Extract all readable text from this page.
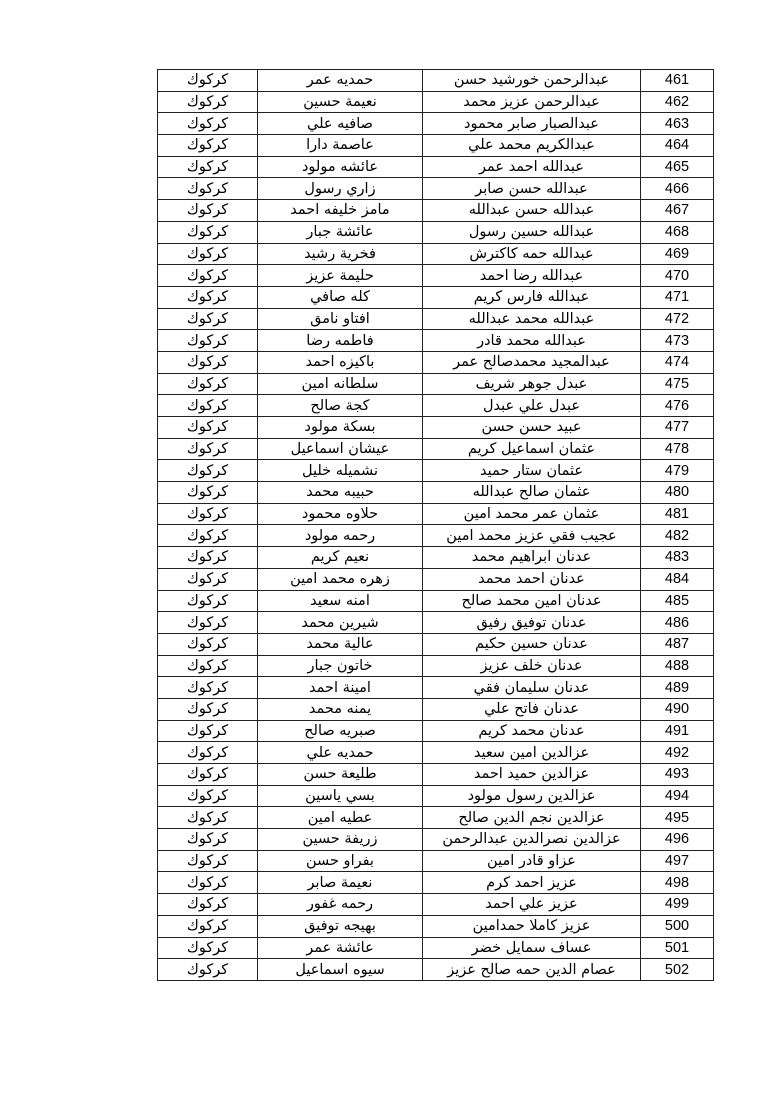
كركوك	حمديه عمر	عبدالرحمن خورشيد حسن	461
كركوك	نعيمة حسين	عبدالرحمن عزيز محمد	462
كركوك	صافيه علي	عبدالصبار صابر محمود	463
كركوك	عاصمة دارا	عبدالكريم محمد علي	464
كركوك	عائشه مولود	عبدالله احمد عمر	465
كركوك	زاري رسول	عبدالله حسن صابر	466
كركوك	مامز خليفه احمد	عبدالله حسن عبدالله	467
كركوك	عائشة جبار	عبدالله حسين رسول	468
كركوك	فخرية رشيد	عبدالله حمه كاكترش	469
كركوك	حليمة عزيز	عبدالله رضا احمد	470
كركوك	كله صافي	عبدالله فارس كريم	471
كركوك	افتاو نامق	عبدالله محمد عبدالله	472
كركوك	فاطمه رضا	عبدالله محمد قادر	473
كركوك	باكيزه احمد	عبدالمجيد محمدصالح عمر	474
كركوك	سلطانه امين	عبدل جوهر شريف	475
كركوك	كجة صالح	عبدل علي عبدل	476
كركوك	بسكة مولود	عبيد حسن حسن	477
كركوك	عيشان اسماعيل	عثمان اسماعيل كريم	478
كركوك	نشميله خليل	عثمان ستار حميد	479
كركوك	حبيبه محمد	عثمان صالح عبدالله	480
كركوك	حلاوه محمود	عثمان عمر محمد امين	481
كركوك	رحمه مولود	عجيب فقي عزيز محمد امين	482
كركوك	نعيم كريم	عدنان ابراهيم محمد	483
كركوك	زهره محمد امين	عدنان احمد محمد	484
كركوك	امنه سعيد	عدنان امين محمد صالح	485
كركوك	شيرين محمد	عدنان توفيق رفيق	486
كركوك	عالية محمد	عدنان حسين حكيم	487
كركوك	خاتون جبار	عدنان خلف عزيز	488
كركوك	امينة احمد	عدنان سليمان فقي	489
كركوك	يمنه محمد	عدنان فاتح علي	490
كركوك	صبريه صالح	عدنان محمد كريم	491
كركوك	حمديه علي	عزالدين امين سعيد	492
كركوك	طليعة حسن	عزالدين حميد احمد	493
كركوك	بسي ياسين	عزالدين رسول مولود	494
كركوك	عطيه امين	عزالدين نجم الدين صالح	495
كركوك	زريفة حسين	عزالدين نصرالدين عبدالرحمن	496
كركوك	بفراو حسن	عزاو قادر امين	497
كركوك	نعيمة صابر	عزيز احمد كرم	498
كركوك	رحمه غفور	عزيز علي احمد	499
كركوك	بهيجه توفيق	عزيز كاملا حمدامين	500
كركوك	عائشة عمر	عساف سمايل خضر	501
كركوك	سيوه اسماعيل	عصام الدين حمه صالح عزيز	502
